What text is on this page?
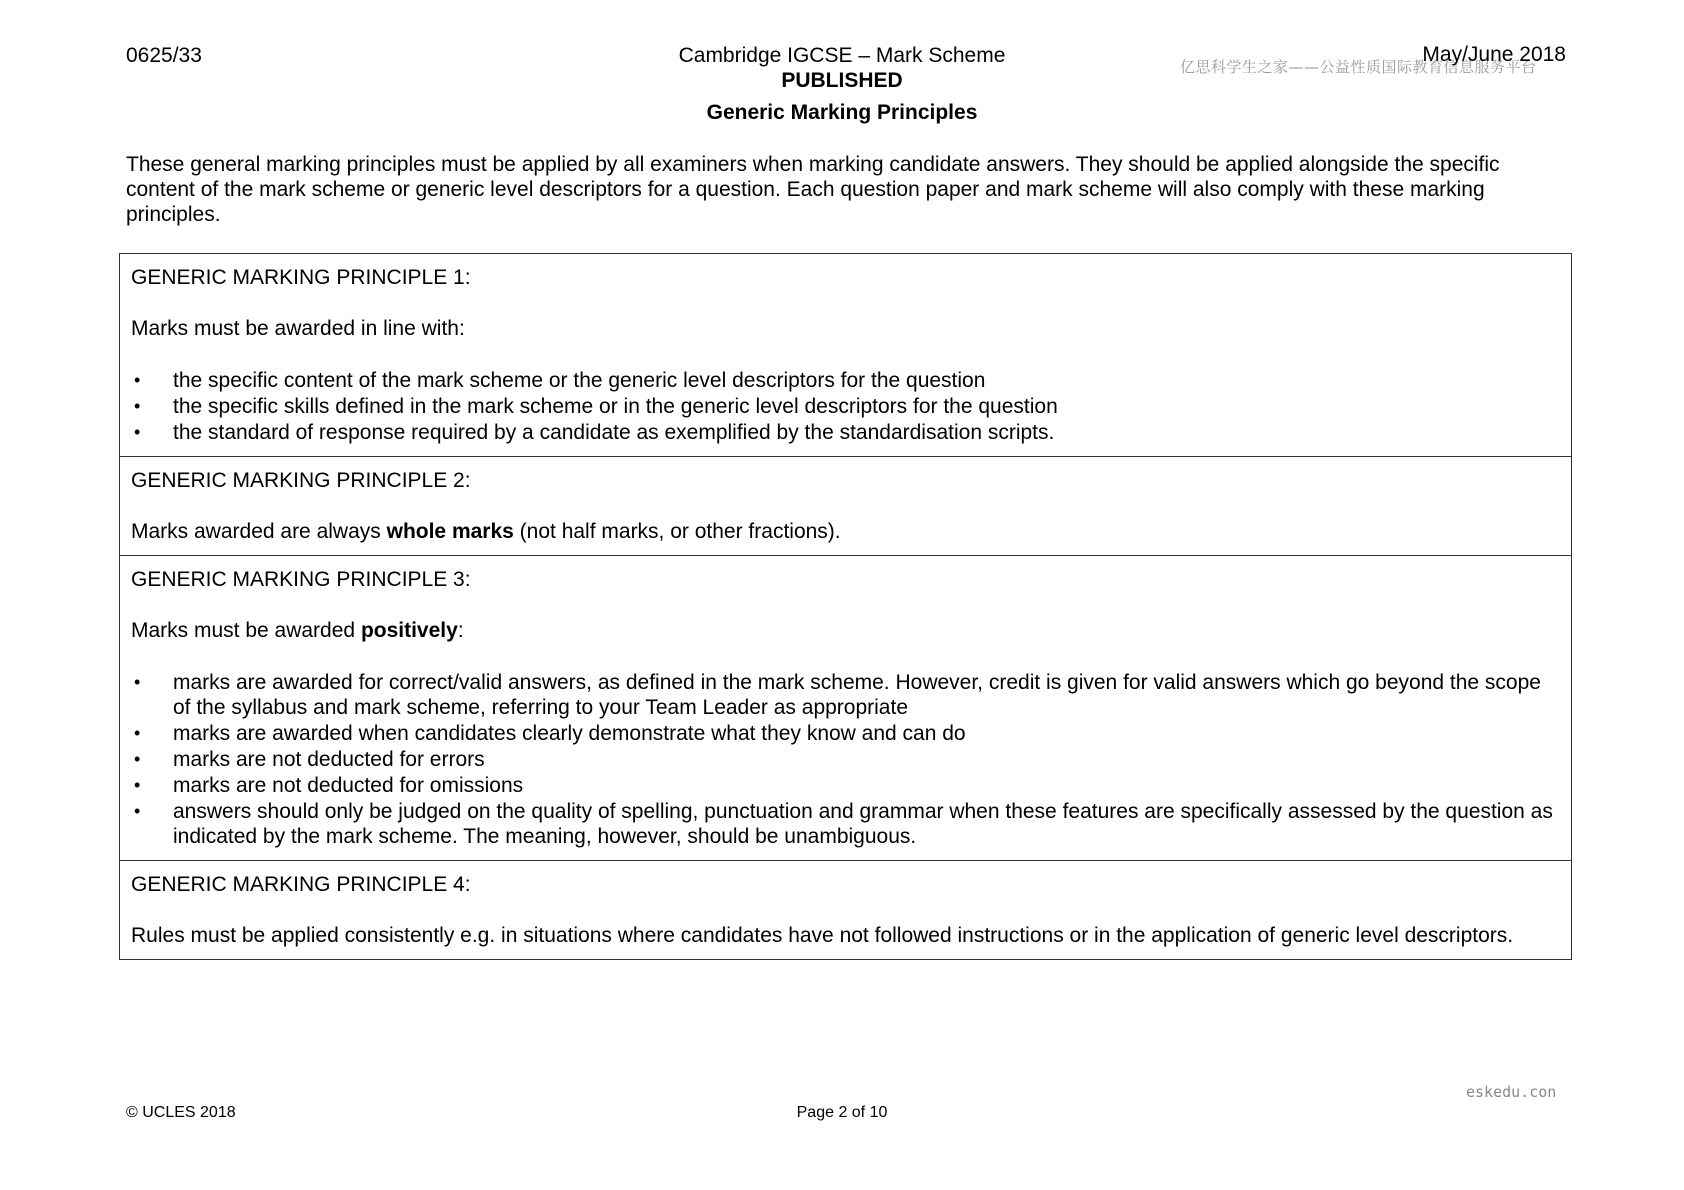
0625/33	Cambridge IGCSE – Mark Scheme	亿思科学生之家——公益性质国际教育信息服务平台
May/June 2018
PUBLISHED
Generic Marking Principles

These general marking principles must be applied by all examiners when marking candidate answers. They should be applied alongside the specific content of the mark scheme or generic level descriptors for a question. Each question paper and mark scheme will also comply with these marking principles.

GENERIC MARKING PRINCIPLE 1:

Marks must be awarded in line with:

• the specific content of the mark scheme or the generic level descriptors for the question
• the specific skills defined in the mark scheme or in the generic level descriptors for the question
• the standard of response required by a candidate as exemplified by the standardisation scripts.

GENERIC MARKING PRINCIPLE 2:

Marks awarded are always whole marks (not half marks, or other fractions).

GENERIC MARKING PRINCIPLE 3:

Marks must be awarded positively:

• marks are awarded for correct/valid answers, as defined in the mark scheme. However, credit is given for valid answers which go beyond the scope of the syllabus and mark scheme, referring to your Team Leader as appropriate
• marks are awarded when candidates clearly demonstrate what they know and can do
• marks are not deducted for errors
• marks are not deducted for omissions
• answers should only be judged on the quality of spelling, punctuation and grammar when these features are specifically assessed by the question as indicated by the mark scheme. The meaning, however, should be unambiguous.

GENERIC MARKING PRINCIPLE 4:

Rules must be applied consistently e.g. in situations where candidates have not followed instructions or in the application of generic level descriptors.

eskedu.con
© UCLES 2018	Page 2 of 10
